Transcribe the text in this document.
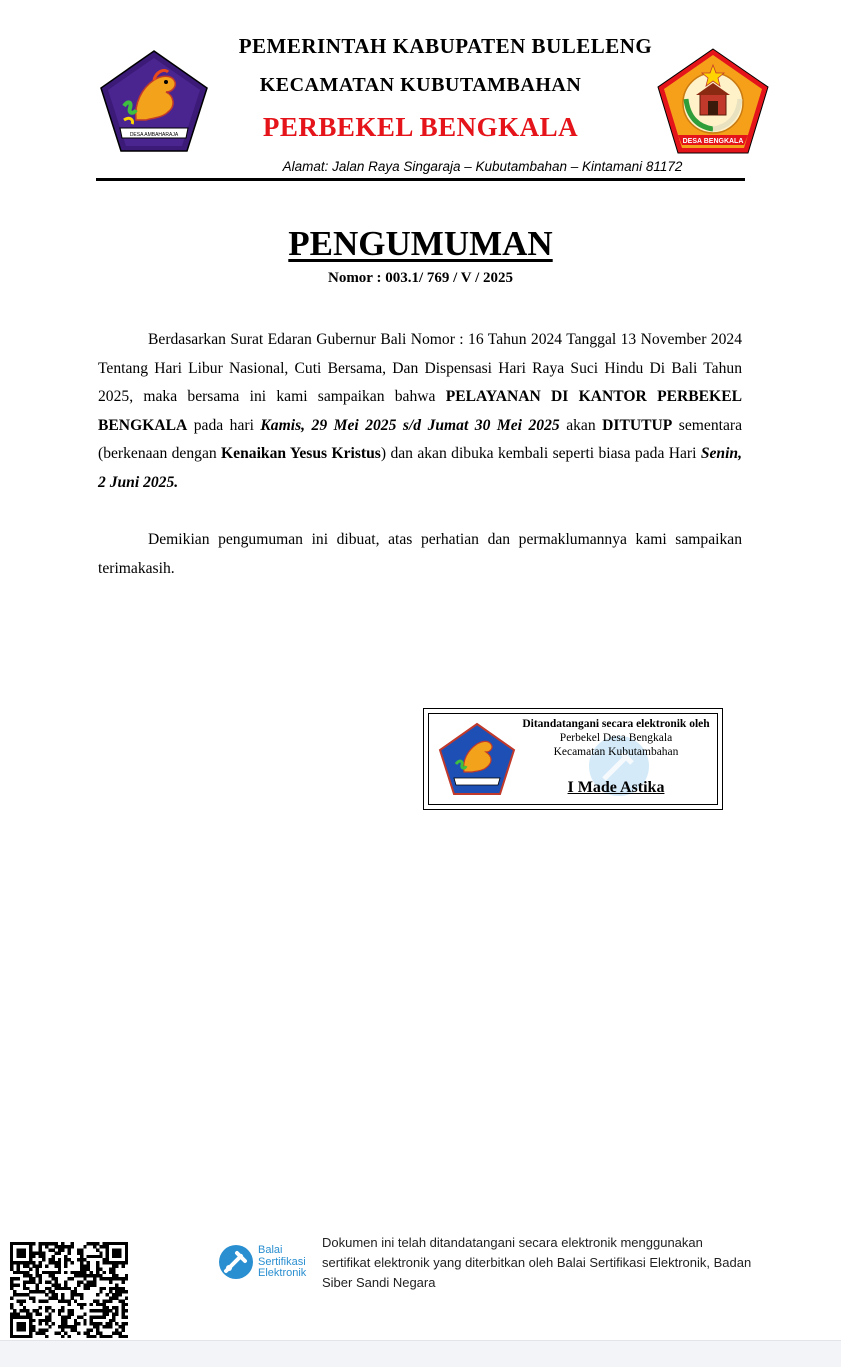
DESA AMBAHARAJA
PEMERINTAH KABUPATEN BULELENG
KECAMATAN KUBUTAMBAHAN
PERBEKEL BENGKALA
Alamat: Jalan Raya Singaraja – Kubutambahan – Kintamani 81172
DESA BENGKALA
PENGUMUMAN
Nomor : 003.1/ 769 / V / 2025
Berdasarkan Surat Edaran Gubernur Bali Nomor : 16 Tahun 2024 Tanggal 13 November 2024 Tentang Hari Libur Nasional, Cuti Bersama, Dan Dispensasi Hari Raya Suci Hindu Di Bali Tahun 2025, maka bersama ini kami sampaikan bahwa PELAYANAN DI KANTOR PERBEKEL BENGKALA pada hari Kamis, 29 Mei 2025 s/d Jumat 30 Mei 2025 akan DITUTUP sementara (berkenaan dengan Kenaikan Yesus Kristus) dan akan dibuka kembali seperti biasa pada Hari Senin, 2 Juni 2025.
Demikian pengumuman ini dibuat, atas perhatian dan permaklumannya kami sampaikan terimakasih.
Ditandatangani secara elektronik oleh
Perbekel Desa Bengkala
Kecamatan Kubutambahan
I Made Astika
Balai
Sertifikasi
Elektronik
Dokumen ini telah ditandatangani secara elektronik menggunakan sertifikat elektronik yang diterbitkan oleh Balai Sertifikasi Elektronik, Badan Siber Sandi Negara
